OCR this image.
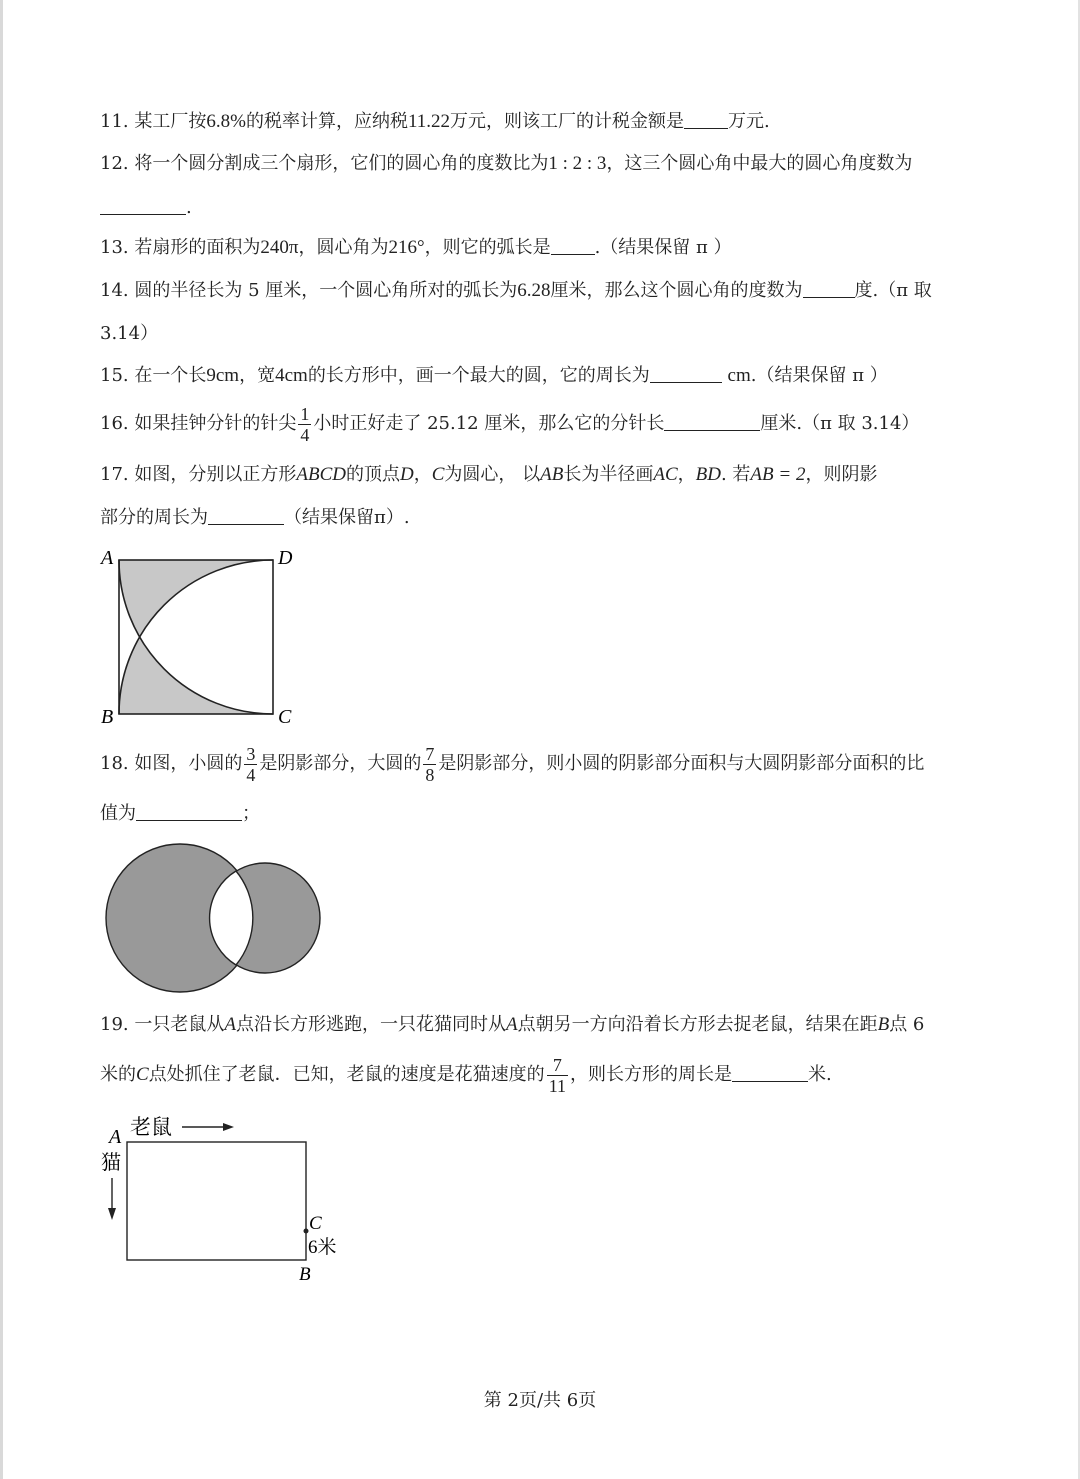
11. 某工厂按6.8%的税率计算，应纳税11.22万元，则该工厂的计税金额是 万元.
12. 将一个圆分割成三个扇形，它们的圆心角的度数比为1 : 2 : 3，这三个圆心角中最大的圆心角度数为
.
13. 若扇形的面积为240π，圆心角为216°，则它的弧长是 .（结果保留 π ）
14. 圆的半径长为 5 厘米，一个圆心角所对的弧长为6.28厘米，那么这个圆心角的度数为	度.（π 取
3.14）
15. 在一个长9cm，宽4cm的长方形中，画一个最大的圆，它的周长为	cm.（结果保留 π ）
16. 如果挂钟分针的针尖 $\frac{1}{4}$ 小时正好走了 25.12 厘米，那么它的分针长	厘米.（π 取 3.14）
17. 如图，分别以正方形ABCD的顶点D，C为圆心， 以AB长为半径画AC，BD. 若AB = 2，则阴影
部分的周长为	（结果保留π）.
A	D
B	C
18. 如图，小圆的 $\frac{3}{4}$ 是阴影部分，大圆的 $\frac{7}{8}$ 是阴影部分，则小圆的阴影部分面积与大圆阴影部分面积的比
值为	；
19. 一只老鼠从A点沿长方形逃跑，一只花猫同时从A点朝另一方向沿着长方形去捉老鼠，结果在距B点 6
米的C点处抓住了老鼠．已知，老鼠的速度是花猫速度的 $\frac{7}{11}$ ，则长方形的周长是	米.
老鼠
A
猫
C
6米
B
第 2页/共 6页
